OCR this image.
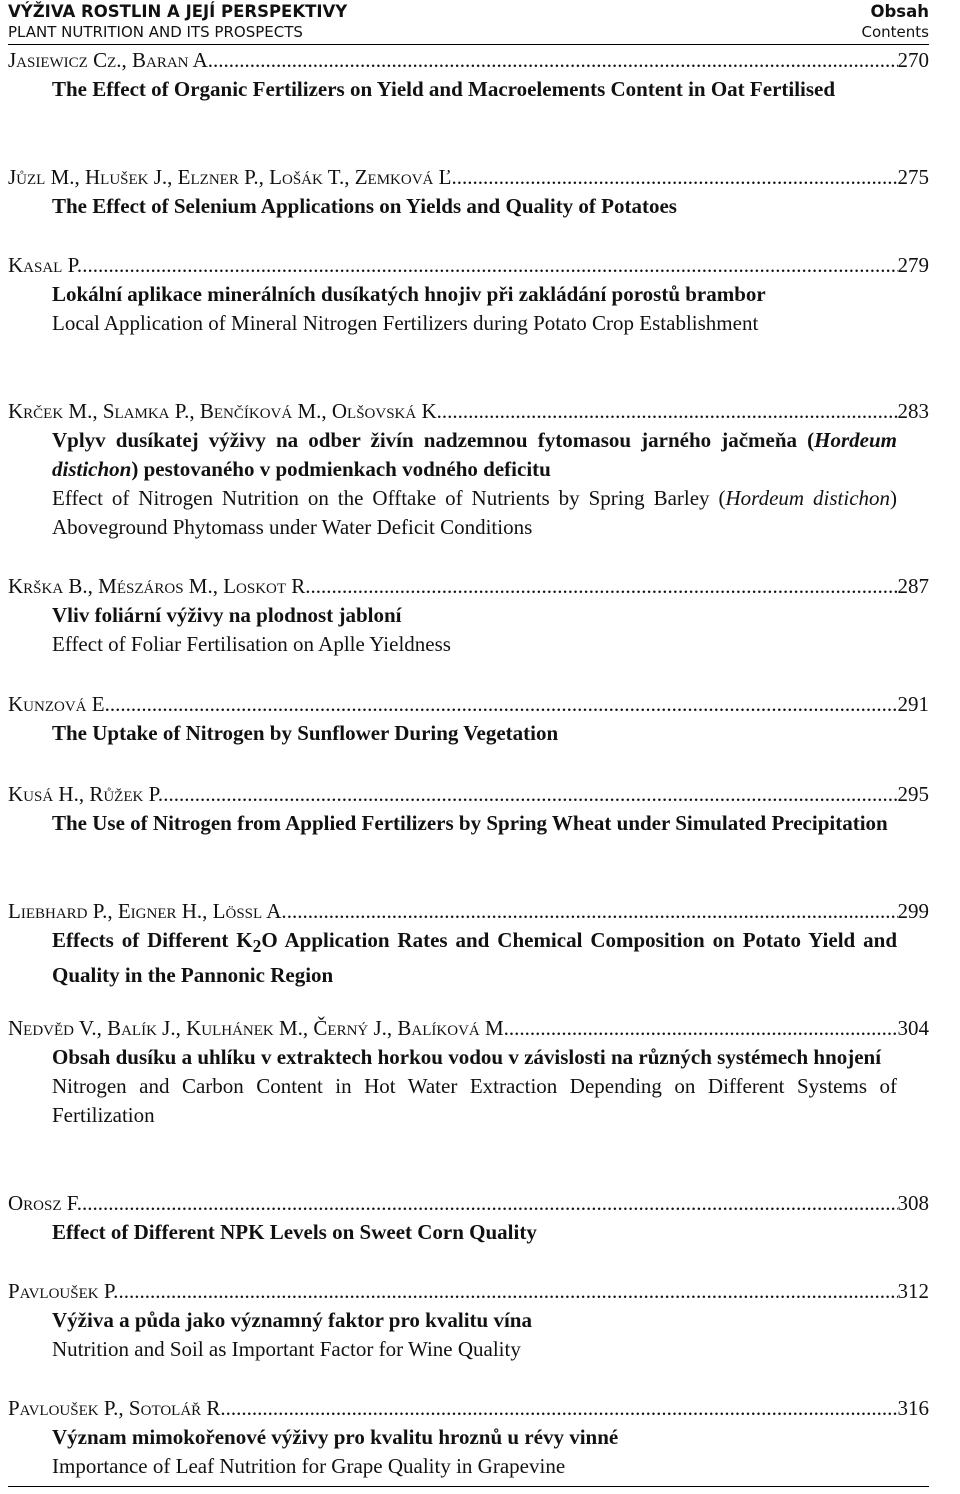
VÝŽIVA ROSTLIN A JEJÍ PERSPEKTIVY
PLANT NUTRITION AND ITS PROSPECTS
Obsah
Contents
Jasiewicz Cz., Baran A. .....	270
The Effect of Organic Fertilizers on Yield and Macroelements Content in Oat Fertilised
Jůzl M., Hlušek J., Elzner P., Lošák T., Zemková Ľ. .....	275
The Effect of Selenium Applications on Yields and Quality of Potatoes
Kasal P. .....	279
Lokální aplikace minerálních dusíkatých hnojiv při zakládání porostů brambor
Local Application of Mineral Nitrogen Fertilizers during Potato Crop Establishment
Krček M., Slamka P., Benčíková M., Olšovská K. .....	283
Vplyv dusíkatej výživy na odber živín nadzemnou fytomasou jarného jačmeňa (Hordeum distichon) pestovaného v podmienkach vodného deficitu
Effect of Nitrogen Nutrition on the Offtake of Nutrients by Spring Barley (Hordeum distichon) Aboveground Phytomass under Water Deficit Conditions
Krška B., Mészáros M., Loskot R. .....	287
Vliv foliární výživy na plodnost jabloní
Effect of Foliar Fertilisation on Aplle Yieldness
Kunzová E. .....	291
The Uptake of Nitrogen by Sunflower During Vegetation
Kusá H., Růžek P. .....	295
The Use of Nitrogen from Applied Fertilizers by Spring Wheat under Simulated Precipitation
Liebhard P., Eigner H., Lössl A. .....	299
Effects of Different $K_2O$ Application Rates and Chemical Composition on Potato Yield and Quality in the Pannonic Region
Nedvěd V., Balík J., Kulhánek M., Černý J., Balíková M. .....	304
Obsah dusíku a uhlíku v extraktech horkou vodou v závislosti na různých systémech hnojení
Nitrogen and Carbon Content in Hot Water Extraction Depending on Different Systems of Fertilization
Orosz F. .....	308
Effect of Different NPK Levels on Sweet Corn Quality
Pavloušek P. .....	312
Výživa a půda jako významný faktor pro kvalitu vína
Nutrition and Soil as Important Factor for Wine Quality
Pavloušek P., Sotolář R. .....	316
Význam mimokořenové výživy pro kvalitu hroznů u révy vinné
Importance of Leaf Nutrition for Grape Quality in Grapevine
